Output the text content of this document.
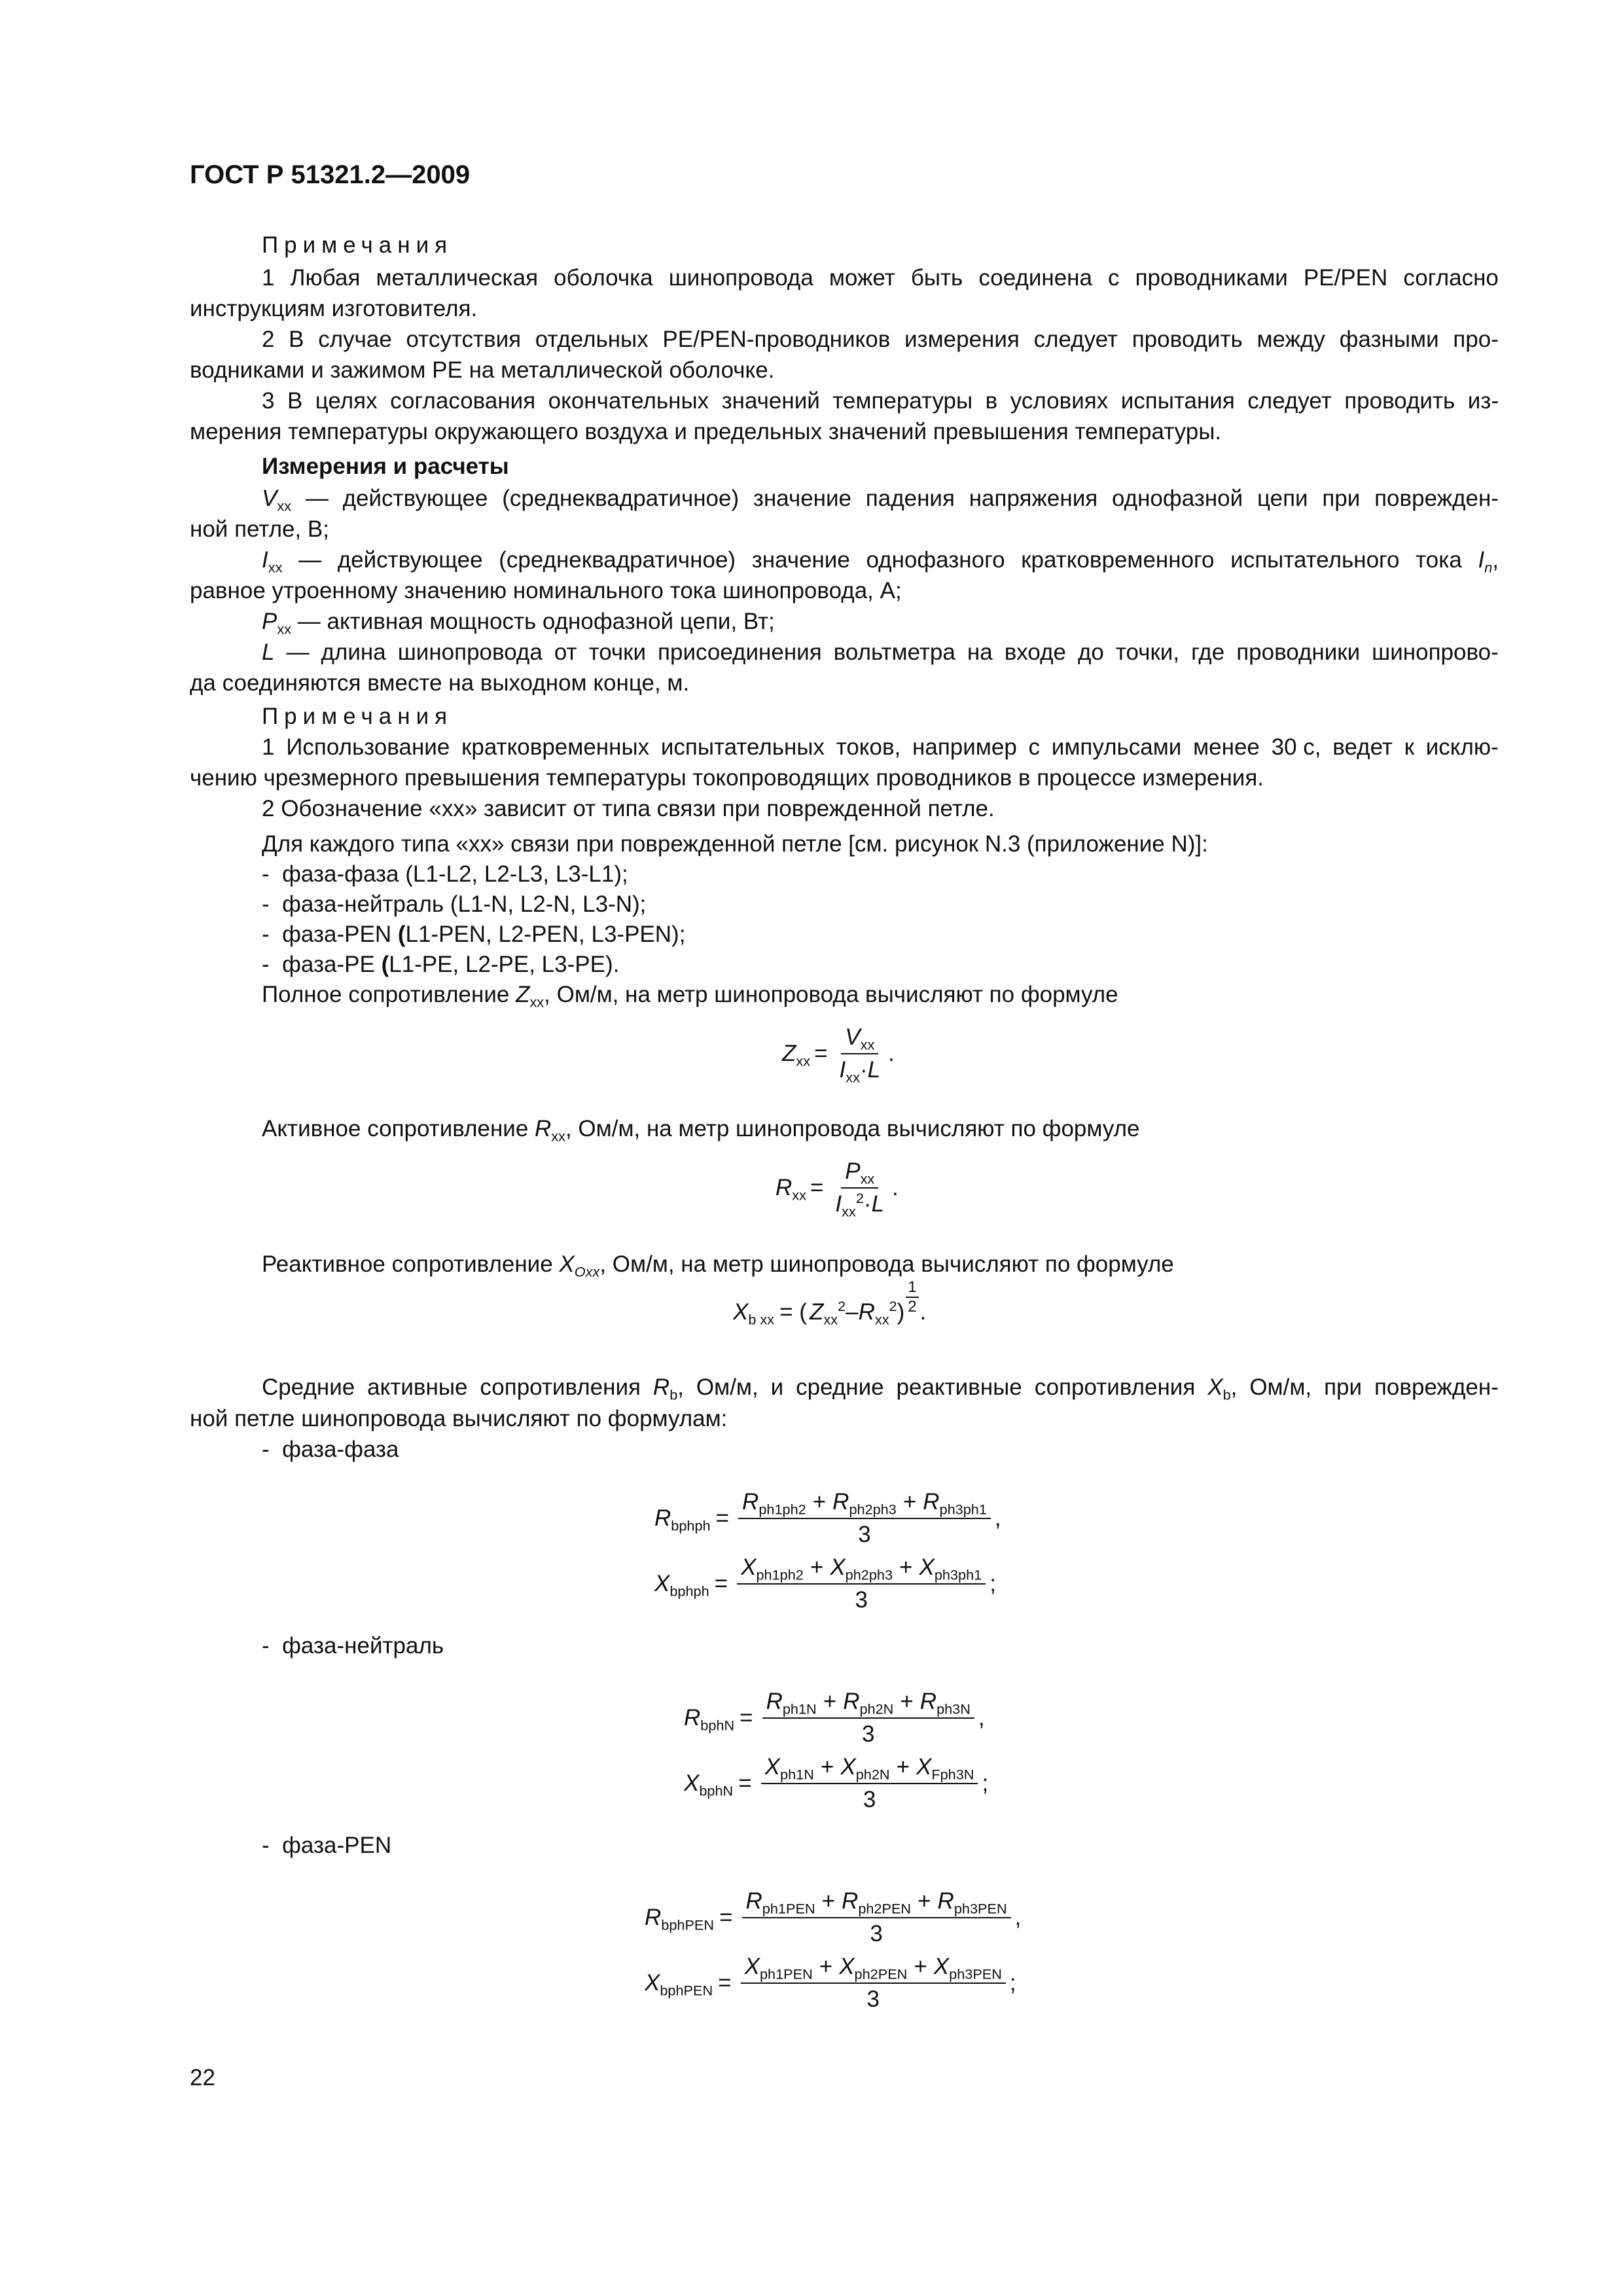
ГОСТ Р 51321.2—2009
Примечания
1 Любая металлическая оболочка шинопровода может быть соединена с проводниками PE/PEN согласно
инструкциям изготовителя.
2 В случае отсутствия отдельных PE/PEN-проводников измерения следует проводить между фазными про-
водниками и зажимом PE на металлической оболочке.
3 В целях согласования окончательных значений температуры в условиях испытания следует проводить из-
мерения температуры окружающего воздуха и предельных значений превышения температуры.
Измерения и расчеты
$V_{xx}$ — действующее (среднеквадратичное) значение падения напряжения однофазной цепи при поврежден-
ной петле, В;
$I_{xx}$ — действующее (среднеквадратичное) значение однофазного кратковременного испытательного тока $I_n$,
равное утроенному значению номинального тока шинопровода, А;
$P_{xx}$ — активная мощность однофазной цепи, Вт;
L — длина шинопровода от точки присоединения вольтметра на входе до точки, где проводники шинопрово-
да соединяются вместе на выходном конце, м.
Примечания
1 Использование кратковременных испытательных токов, например с импульсами менее 30 с, ведет к исклю-
чению чрезмерного превышения температуры токопроводящих проводников в процессе измерения.
2 Обозначение «xx» зависит от типа связи при поврежденной петле.
Для каждого типа «xx» связи при поврежденной петле [см. рисунок N.3 (приложение N)]:
- фаза-фаза (L1-L2, L2-L3, L3-L1);
- фаза-нейтраль (L1-N, L2-N, L3-N);
- фаза-PEN (L1-PEN, L2-PEN, L3-PEN);
- фаза-PE (L1-PE, L2-PE, L3-PE).
Полное сопротивление $Z_{xx}$, Ом/м, на метр шинопровода вычисляют по формуле
$Z_{xx} = \frac{V_{xx}}{I_{xx}\cdot L}$ .
Активное сопротивление $R_{xx}$, Ом/м, на метр шинопровода вычисляют по формуле
$R_{xx} = \frac{P_{xx}}{I_{xx}^2\cdot L}$ .
Реактивное сопротивление $X_{Oxx}$, Ом/м, на метр шинопровода вычисляют по формуле
$X_{b xx}$ = ( $Z_{xx}^2 - R_{xx}^2$ )
1
2 .
Средние активные сопротивления $R_b$, Ом/м, и средние реактивные сопротивления $X_b$, Ом/м, при поврежден-
ной петле шинопровода вычисляют по формулам:
- фаза-фаза
- фаза-нейтраль
- фаза-PEN
$R_{bphph} = \frac{R_{ph1ph2} + R_{ph2ph3} + R_{ph3ph1}}{3}$ ,
$X_{bphph} = \frac{X_{ph1ph2} + X_{ph2ph3} + X_{ph3ph1}}{3}$ ;
$R_{bphN} = \frac{R_{ph1N} + R_{ph2N} + R_{ph3N}}{3}$ ,
$X_{bphN} = \frac{X_{ph1N} + X_{ph2N} + X_{Fph3N}}{3}$ ;
$R_{bphPEN} = \frac{R_{ph1PEN} + R_{ph2PEN} + R_{ph3PEN}}{3}$ ,
$X_{bphPEN} = \frac{X_{ph1PEN} + X_{ph2PEN} + X_{ph3PEN}}{3}$ ;
22
